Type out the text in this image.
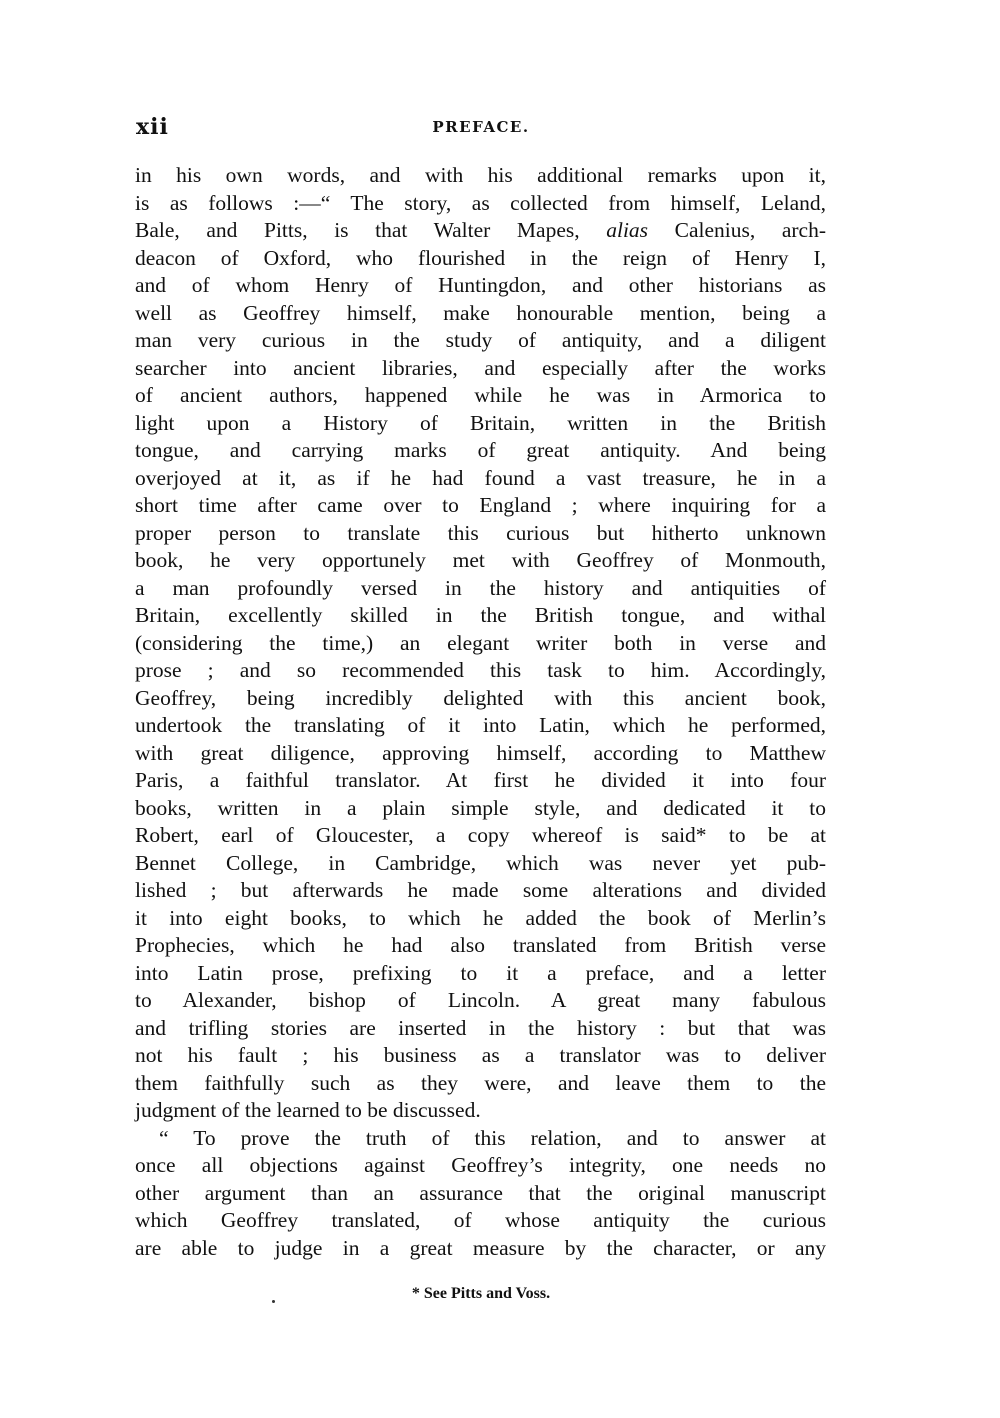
xii	PREFACE.
in his own words, and with his additional remarks upon it,
is as follows :—“ The story, as collected from himself, Leland,
Bale, and Pitts, is that Walter Mapes, alias Calenius, arch-
deacon of Oxford, who flourished in the reign of Henry I,
and of whom Henry of Huntingdon, and other historians as
well as Geoffrey himself, make honourable mention, being a
man very curious in the study of antiquity, and a diligent
searcher into ancient libraries, and especially after the works
of ancient authors, happened while he was in Armorica to
light upon a History of Britain, written in the British
tongue, and carrying marks of great antiquity. And being
overjoyed at it, as if he had found a vast treasure, he in a
short time after came over to England ; where inquiring for a
proper person to translate this curious but hitherto unknown
book, he very opportunely met with Geoffrey of Monmouth,
a man profoundly versed in the history and antiquities of
Britain, excellently skilled in the British tongue, and withal
(considering the time,) an elegant writer both in verse and
prose ; and so recommended this task to him. Accordingly,
Geoffrey, being incredibly delighted with this ancient book,
undertook the translating of it into Latin, which he performed,
with great diligence, approving himself, according to Matthew
Paris, a faithful translator. At first he divided it into four
books, written in a plain simple style, and dedicated it to
Robert, earl of Gloucester, a copy whereof is said* to be at
Bennet College, in Cambridge, which was never yet pub-
lished ; but afterwards he made some alterations and divided
it into eight books, to which he added the book of Merlin’s
Prophecies, which he had also translated from British verse
into Latin prose, prefixing to it a preface, and a letter
to Alexander, bishop of Lincoln. A great many fabulous
and trifling stories are inserted in the history : but that was
not his fault ; his business as a translator was to deliver
them faithfully such as they were, and leave them to the
judgment of the learned to be discussed.
“ To prove the truth of this relation, and to answer at
once all objections against Geoffrey’s integrity, one needs no
other argument than an assurance that the original manuscript
which Geoffrey translated, of whose antiquity the curious
are able to judge in a great measure by the character, or any
* See Pitts and Voss.
